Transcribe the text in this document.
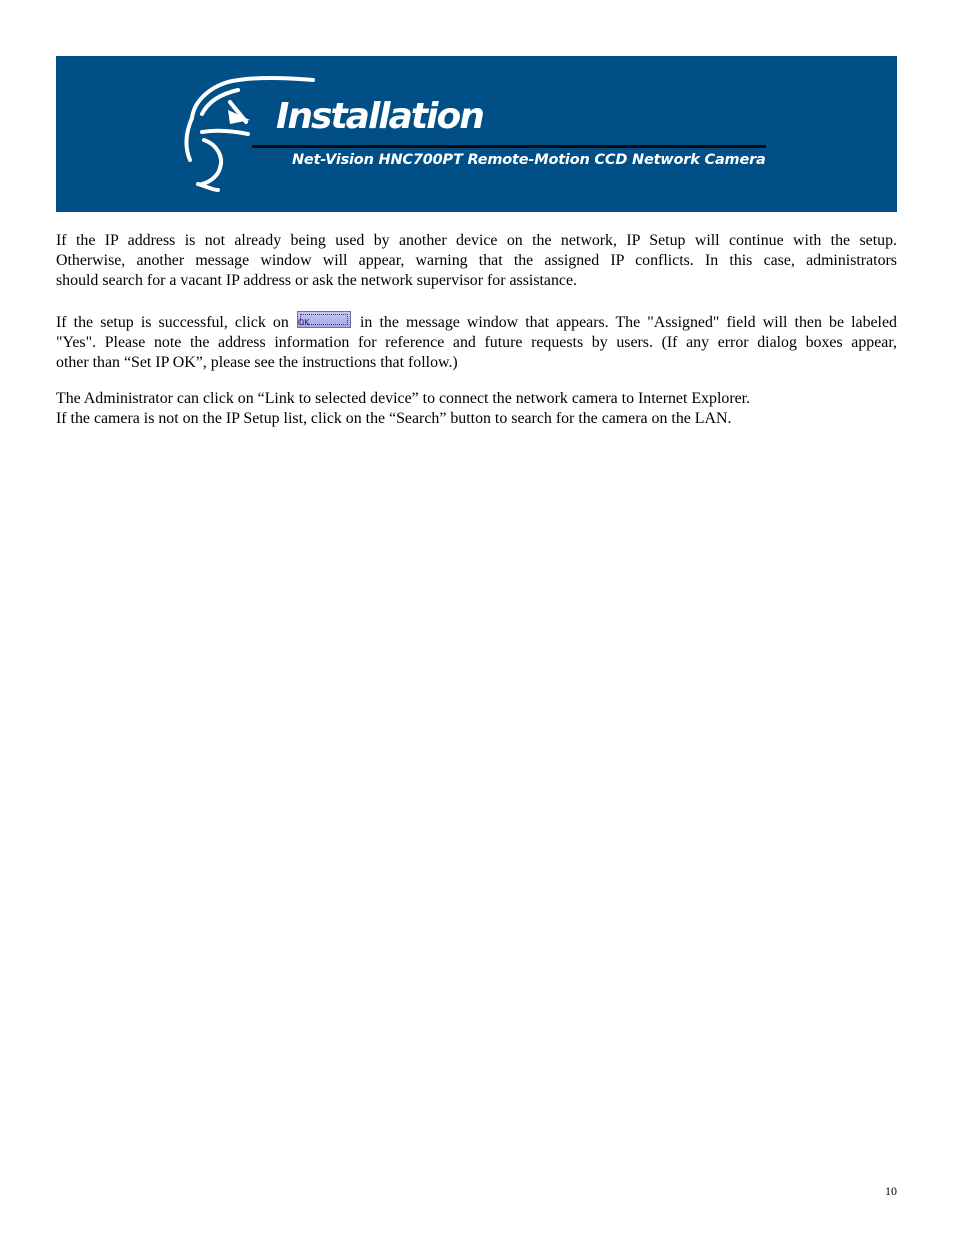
Installation
Net-Vision HNC700PT Remote-Motion CCD Network Camera
If the IP address is not already being used by another device on the network, IP Setup will continue with the setup.
Otherwise, another message window will appear, warning that the assigned IP conflicts. In this case, administrators
should search for a vacant IP address or ask the network supervisor for assistance.
If the setup is successful, click on OK	in the message window that appears. The "Assigned" field will then be labeled
"Yes". Please note the address information for reference and future requests by users. (If any error dialog boxes appear,
other than “Set IP OK”, please see the instructions that follow.)
The Administrator can click on “Link to selected device” to connect the network camera to Internet Explorer.
If the camera is not on the IP Setup list, click on the “Search” button to search for the camera on the LAN.
10
